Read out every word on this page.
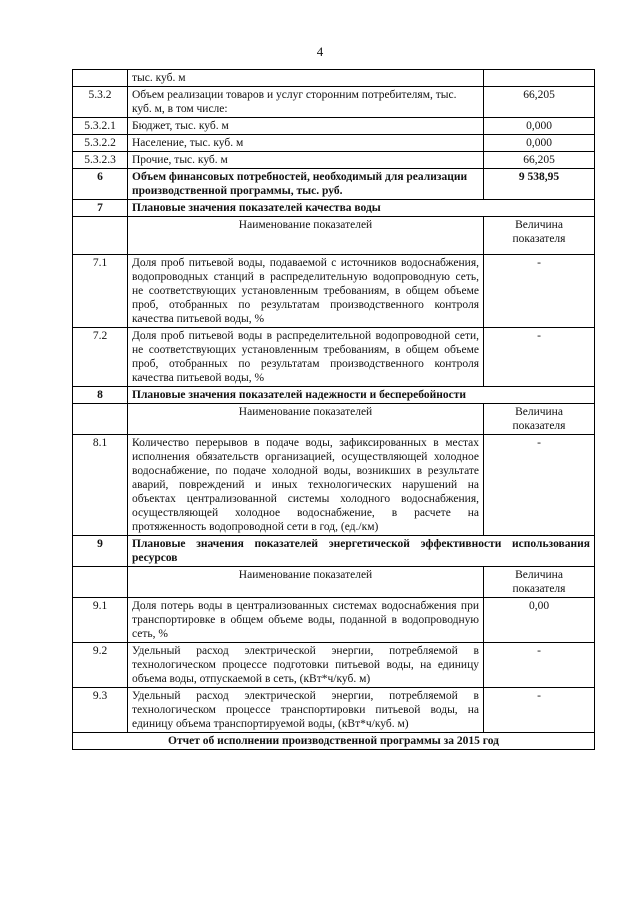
4
	тыс. куб. м	
5.3.2	Объем реализации товаров и услуг сторонним потребителям, тыс. куб. м, в том числе:	66,205
5.3.2.1	Бюджет, тыс. куб. м	0,000
5.3.2.2	Население, тыс. куб. м	0,000
5.3.2.3	Прочие, тыс. куб. м	66,205
6	Объем финансовых потребностей, необходимый для реализации производственной программы, тыс. руб.	9 538,95
7	Плановые значения показателей качества воды	
	Наименование показателей	Величина показателя
7.1	Доля проб питьевой воды, подаваемой с источников водоснабжения, водопроводных станций в распределительную водопроводную сеть, не соответствующих установленным требованиям, в общем объеме проб, отобранных по результатам производственного контроля качества питьевой воды, %	-
7.2	Доля проб питьевой воды в распределительной водопроводной сети, не соответствующих установленным требованиям, в общем объеме проб, отобранных по результатам производственного контроля качества питьевой воды, %	-
8	Плановые значения показателей надежности и бесперебойности	
	Наименование показателей	Величина показателя
8.1	Количество перерывов в подаче воды, зафиксированных в местах исполнения обязательств организацией, осуществляющей холодное водоснабжение, по подаче холодной воды, возникших в результате аварий, повреждений и иных технологических нарушений на объектах централизованной системы холодного водоснабжения, осуществляющей холодное водоснабжение, в расчете на протяженность водопроводной сети в год, (ед./км)	-
9	Плановые значения показателей энергетической эффективности использования ресурсов	
	Наименование показателей	Величина показателя
9.1	Доля потерь воды в централизованных системах водоснабжения при транспортировке в общем объеме воды, поданной в водопроводную сеть, %	0,00
9.2	Удельный расход электрической энергии, потребляемой в технологическом процессе подготовки питьевой воды, на единицу объема воды, отпускаемой в сеть, (кВт*ч/куб. м)	-
9.3	Удельный расход электрической энергии, потребляемой в технологическом процессе транспортировки питьевой воды, на единицу объема транспортируемой воды, (кВт*ч/куб. м)	-
Отчет об исполнении производственной программы за 2015 год		
